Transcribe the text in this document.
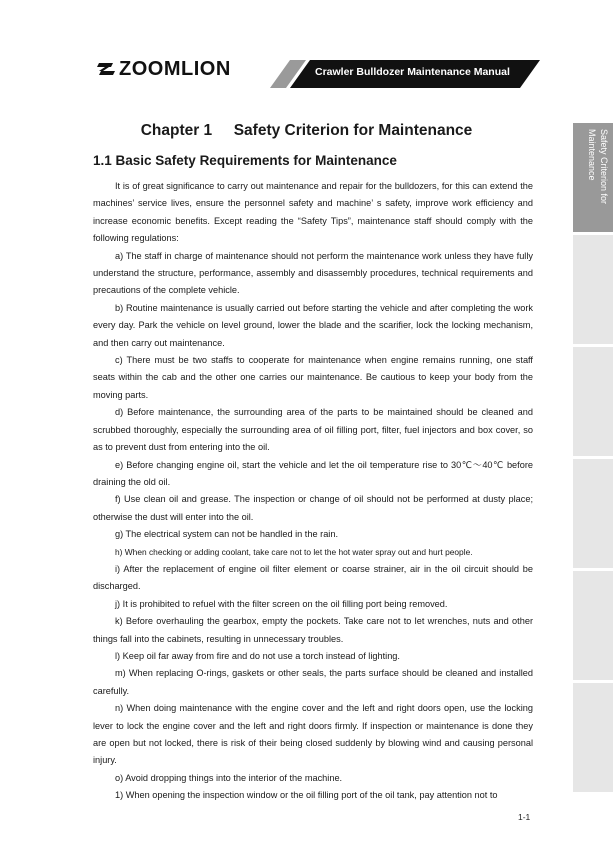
ZOOMLION	Crawler Bulldozer Maintenance Manual
Chapter 1     Safety Criterion for Maintenance
1.1 Basic Safety Requirements for Maintenance

It is of great significance to carry out maintenance and repair for the bulldozers, for this can extend the machines’ service lives, ensure the personnel safety and machine’ s safety, improve work efficiency and increase economic benefits. Except reading the “Safety Tips”, maintenance staff should comply with the following regulations:

a) The staff in charge of maintenance should not perform the maintenance work unless they have fully understand the structure, performance, assembly and disassembly procedures, technical requirements and precautions of the complete vehicle.

b) Routine maintenance is usually carried out before starting the vehicle and after completing the work every day. Park the vehicle on level ground, lower the blade and the scarifier, lock the locking mechanism, and then carry out maintenance.

c) There must be two staffs to cooperate for maintenance when engine remains running, one staff seats within the cab and the other one carries our maintenance. Be cautious to keep your body from the moving parts.

d) Before maintenance, the surrounding area of the parts to be maintained should be cleaned and scrubbed thoroughly, especially the surrounding area of oil filling port, filter, fuel injectors and box cover, so as to prevent dust from entering into the oil.

e) Before changing engine oil, start the vehicle and let the oil temperature rise to 30℃～40℃ before draining the old oil.

f) Use clean oil and grease. The inspection or change of oil should not be performed at dusty place; otherwise the dust will enter into the oil.

g) The electrical system can not be handled in the rain.

h) When checking or adding coolant, take care not to let the hot water spray out and hurt people.

i) After the replacement of engine oil filter element or coarse strainer, air in the oil circuit should be discharged.

j) It is prohibited to refuel with the filter screen on the oil filling port being removed.

k) Before overhauling the gearbox, empty the pockets. Take care not to let wrenches, nuts and other things fall into the cabinets, resulting in unnecessary troubles.

l) Keep oil far away from fire and do not use a torch instead of lighting.

m) When replacing O-rings, gaskets or other seals, the parts surface should be cleaned and installed carefully.

n) When doing maintenance with the engine cover and the left and right doors open, use the locking lever to lock the engine cover and the left and right doors firmly. If inspection or maintenance is done they are open but not locked, there is risk of their being closed suddenly by blowing wind and causing personal injury.

o) Avoid dropping things into the interior of the machine.

1) When opening the inspection window or the oil filling port of the oil tank, pay attention not to

Safety Criterion for Maintenance
1-1
